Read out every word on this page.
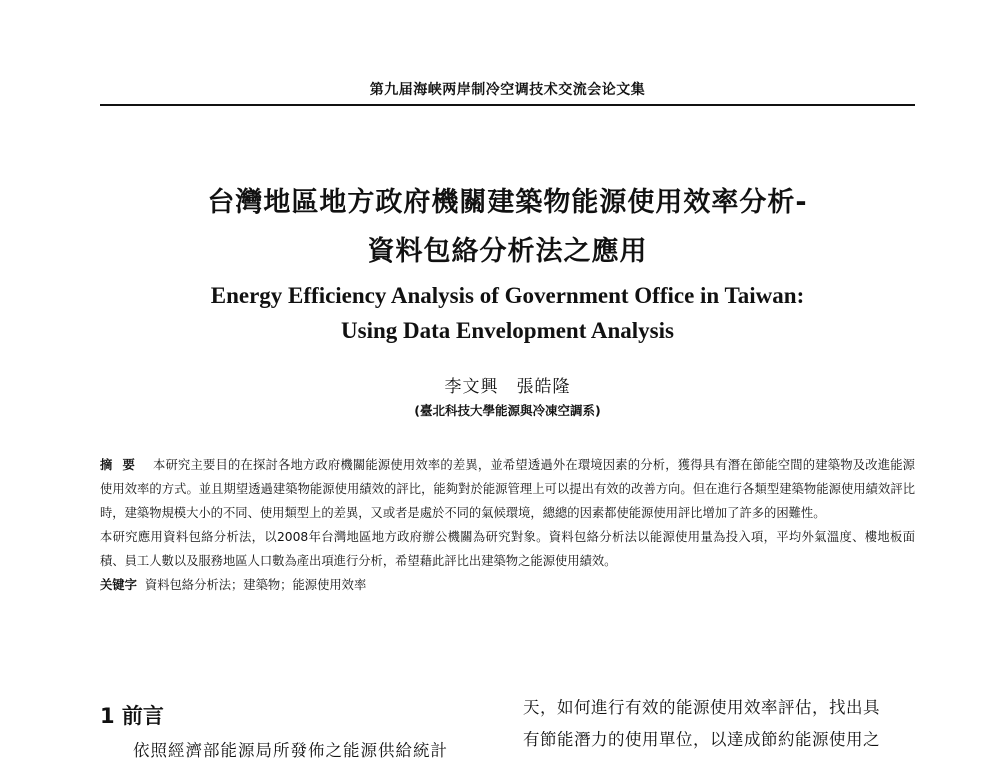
第九届海峡两岸制冷空调技术交流会论文集
台灣地區地方政府機關建築物能源使用效率分析-
資料包絡分析法之應用
Energy Efficiency Analysis of Government Office in Taiwan:
Using Data Envelopment Analysis
李文興　張皓隆
(臺北科技大學能源與冷凍空調系)

摘要 本研究主要目的在探討各地方政府機關能源使用效率的差異，並希望透過外在環境因素的分析，獲得具有潛在節能空間的建築物及改進能源使用效率的方式。並且期望透過建築物能源使用績效的評比，能夠對於能源管理上可以提出有效的改善方向。但在進行各類型建築物能源使用績效評比時，建築物規模大小的不同、使用類型上的差異，又或者是處於不同的氣候環境，總總的因素都使能源使用評比增加了許多的困難性。

本研究應用資料包絡分析法，以2008年台灣地區地方政府辦公機關為研究對象。資料包絡分析法以能源使用量為投入項，平均外氣溫度、樓地板面積、員工人數以及服務地區人口數為產出項進行分析，希望藉此評比出建築物之能源使用績效。

关键字 資料包絡分析法；建築物；能源使用效率

1 前言
依照經濟部能源局所發佈之能源供給統計
天，如何進行有效的能源使用效率評估，找出具
有節能潛力的使用單位，以達成節約能源使用之
